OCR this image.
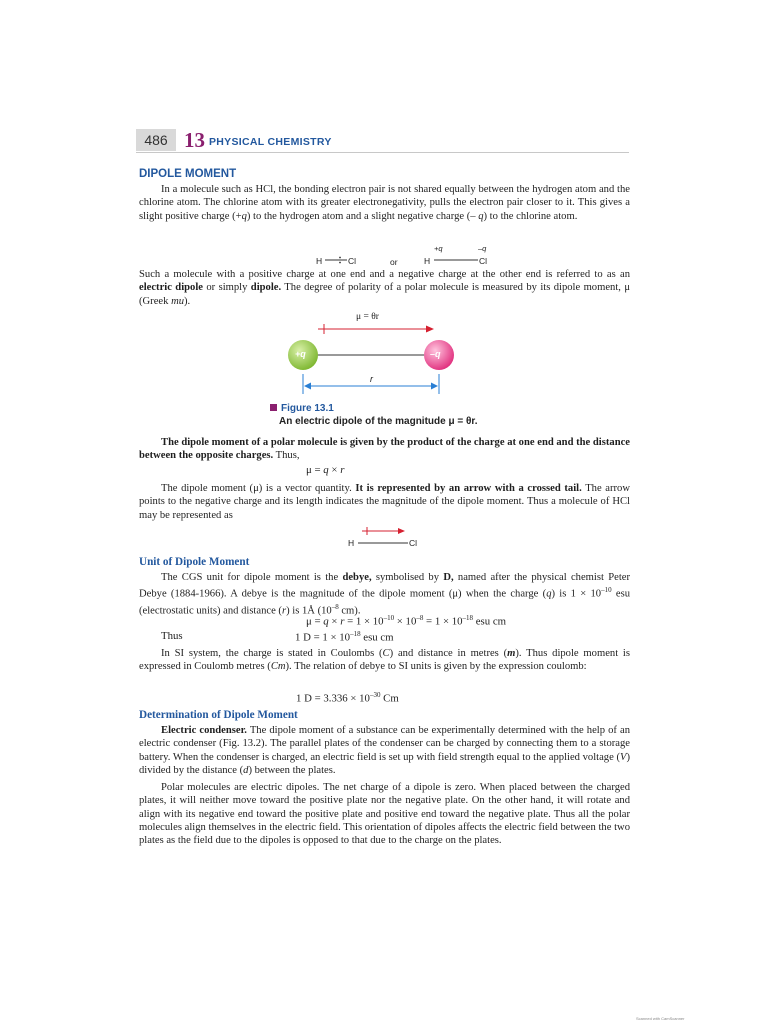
486 13 PHYSICAL CHEMISTRY
DIPOLE MOMENT

In a molecule such as HCl, the bonding electron pair is not shared equally between the hydrogen atom and the chlorine atom. The chlorine atom with its greater electronegativity, pulls the electron pair closer to it. This gives a slight positive charge (+q) to the hydrogen atom and a slight negative charge (– q) to the chlorine atom.

H	Cl	or
+q	–q
H	Cl

Such a molecule with a positive charge at one end and a negative charge at the other end is referred to as an electric dipole or simply dipole. The degree of polarity of a polar molecule is measured by its dipole moment, μ (Greek mu).

μ = θr
+q	–q
r
Figure 13.1
An electric dipole of the magnitude μ = θr.

The dipole moment of a polar molecule is given by the product of the charge at one end and the distance between the opposite charges. Thus,

μ = q × r

The dipole moment (μ) is a vector quantity. It is represented by an arrow with a crossed tail. The arrow points to the negative charge and its length indicates the magnitude of the dipole moment. Thus a molecule of HCl may be represented as

H	Cl
Unit of Dipole Moment

The CGS unit for dipole moment is the debye, symbolised by D, named after the physical chemist Peter Debye (1884-1966). A debye is the magnitude of the dipole moment (μ) when the charge (q) is $1 \times 10^{-10}$ esu (electrostatic units) and distance (r) is 1Å ($10^{-8}$ cm).

$\mu = q \times r = 1 \times 10^{-10} \times 10^{-8} = 1 \times 10^{-18}$ esu cm
Thus	1 $D = 1 \times 10^{-18}$ esu cm

In SI system, the charge is stated in Coulombs (C) and distance in metres (m). Thus dipole moment is expressed in Coulomb metres (Cm). The relation of debye to SI units is given by the expression coulomb:

1 $D = 3.336 \times 10^{-30}$ Cm
Determination of Dipole Moment

Electric condenser. The dipole moment of a substance can be experimentally determined with the help of an electric condenser (Fig. 13.2). The parallel plates of the condenser can be charged by connecting them to a storage battery. When the condenser is charged, an electric field is set up with field strength equal to the applied voltage (V) divided by the distance (d) between the plates.

Polar molecules are electric dipoles. The net charge of a dipole is zero. When placed between the charged plates, it will neither move toward the positive plate nor the negative plate. On the other hand, it will rotate and align with its negative end toward the positive plate and positive end toward the negative plate. Thus all the polar molecules align themselves in the electric field. This orientation of dipoles affects the electric field between the two plates as the field due to the dipoles is opposed to that due to the charge on the plates.

Scanned with CamScanner
